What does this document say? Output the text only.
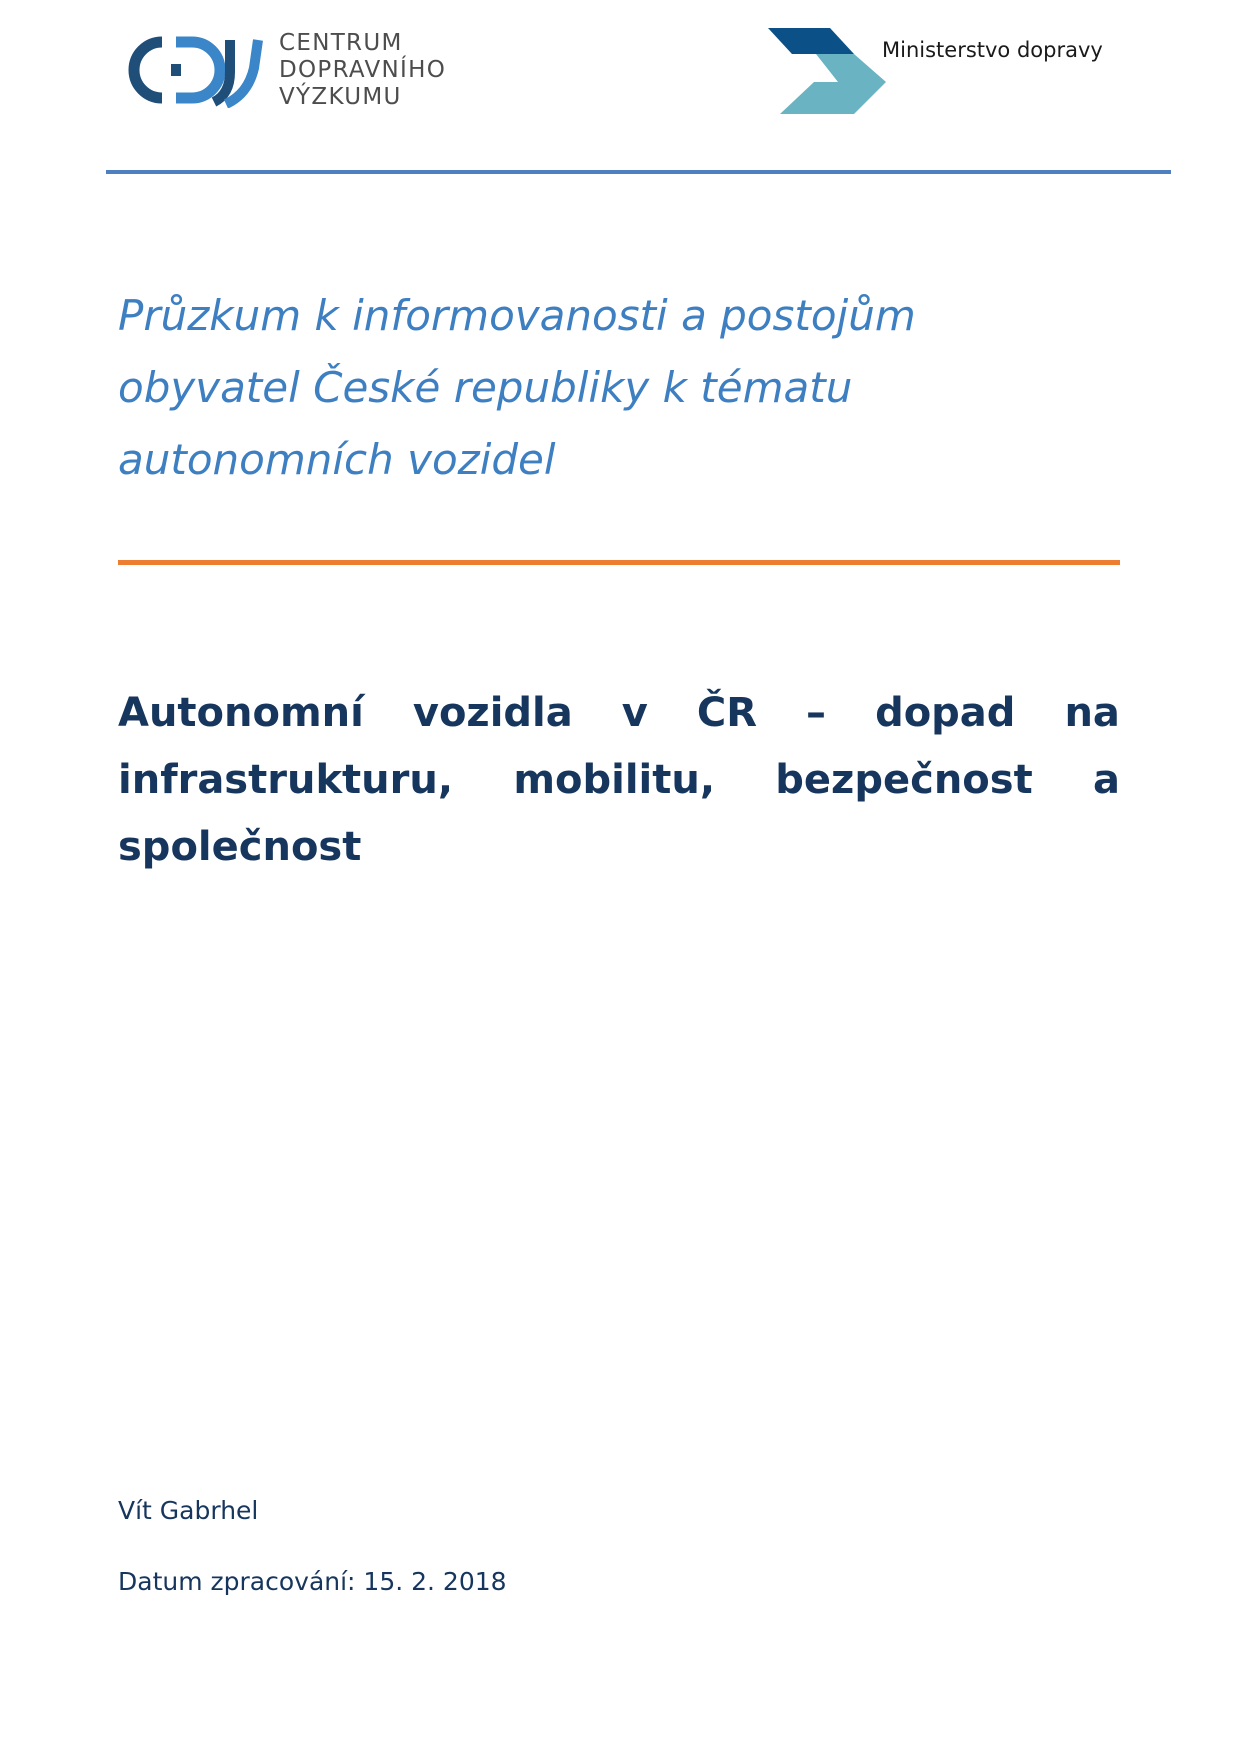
CENTRUM
DOPRAVNÍHO
VÝZKUMU
Ministerstvo dopravy
Průzkum k informovanosti a postojům
obyvatel České republiky k tématu
autonomních vozidel
Autonomní vozidla v ČR – dopad na
infrastrukturu, mobilitu, bezpečnost a
společnost
Vít Gabrhel
Datum zpracování: 15. 2. 2018
